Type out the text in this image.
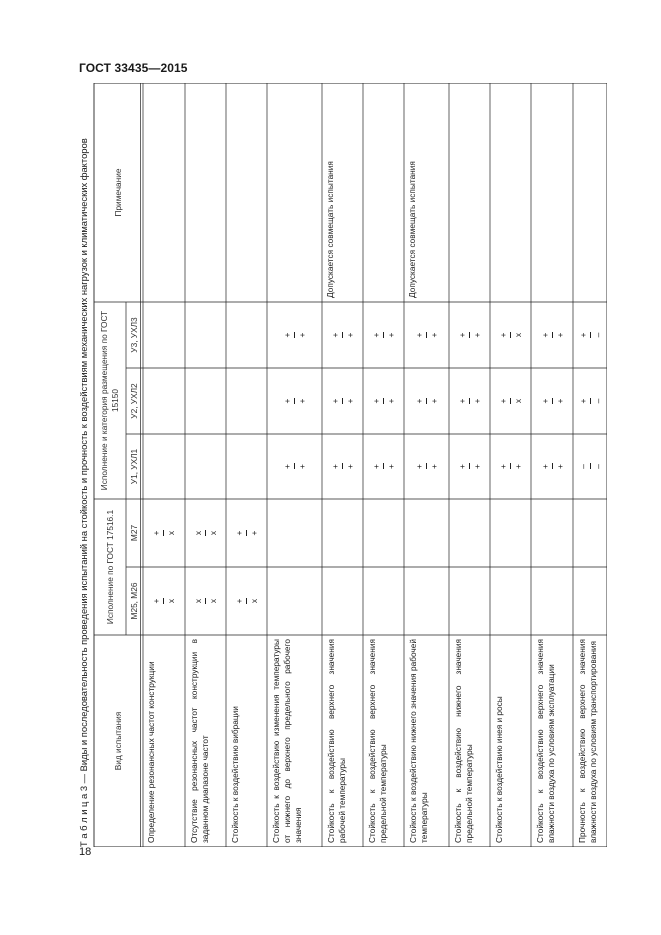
ГОСТ 33435—2015
18
Т а б л и ц а 3 — Виды и последовательность проведения испытаний на стойкость и прочность к воздействиям механических нагрузок и климатических факторов	Вид испытания
Исполнение по ГОСТ 17516.1	М25, М26
М27
Исполнение и категория размещения по ГОСТ 15150
У1, УХЛ1
У2, УХЛ2
У3, УХЛ3
Примечание
Определение резонансных частот конструкции
+ х
+ х
Отсутствие резонансных частот конструкции в заданном диапазоне частот
х х
х х
Стойкость к воздействию вибрации
+ х
+ +
Стойкость к воздействию изменения температуры от нижнего до верхнего предельного рабочего значения
+ +
+ +
+ +
Стойкость к воздействию верхнего значения рабочей температуры
+ +
+ +
+ +
Допускается совмещать испытания
Стойкость к воздействию верхнего значения предельной температуры
+ +
+ +
+ +
Стойкость к воздействию нижнего значения рабочей температуры
+ +
+ +
+ +
Допускается совмещать испытания
Стойкость к воздействию нижнего значения предельной температуры
+ +
+ +
+ +
Стойкость к воздействию инея и росы
+ +
+ х
+ х
Стойкость к воздействию верхнего значения влажности воздуха по условиям эксплуатации
+ +
+ +
+ +
Прочность к воздействию верхнего значения влажности воздуха по условиям транспортирования
– –
+ –
+ –
